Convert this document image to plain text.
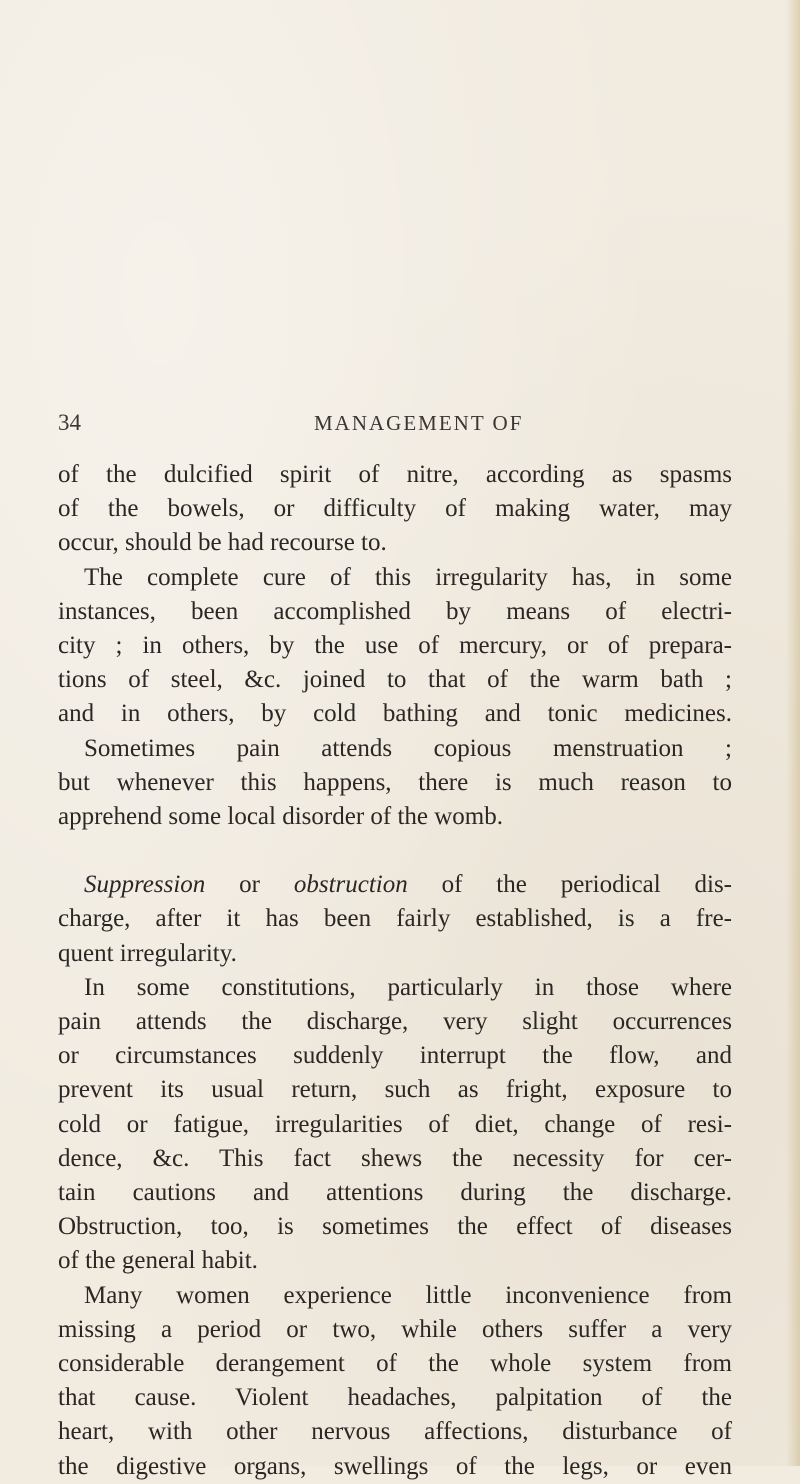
34	MANAGEMENT OF
of the dulcified spirit of nitre, according as spasms
of the bowels, or difficulty of making water, may
occur, should be had recourse to.
The complete cure of this irregularity has, in some
instances, been accomplished by means of electri-
city ; in others, by the use of mercury, or of prepara-
tions of steel, &c. joined to that of the warm bath ;
and in others, by cold bathing and tonic medicines.
Sometimes pain attends copious menstruation ;
but whenever this happens, there is much reason to
apprehend some local disorder of the womb.
Suppression or obstruction of the periodical dis-
charge, after it has been fairly established, is a fre-
quent irregularity.
In some constitutions, particularly in those where
pain attends the discharge, very slight occurrences
or circumstances suddenly interrupt the flow, and
prevent its usual return, such as fright, exposure to
cold or fatigue, irregularities of diet, change of resi-
dence, &c. This fact shews the necessity for cer-
tain cautions and attentions during the discharge.
Obstruction, too, is sometimes the effect of diseases
of the general habit.
Many women experience little inconvenience from
missing a period or two, while others suffer a very
considerable derangement of the whole system from
that cause. Violent headaches, palpitation of the
heart, with other nervous affections, disturbance of
the digestive organs, swellings of the legs, or even
